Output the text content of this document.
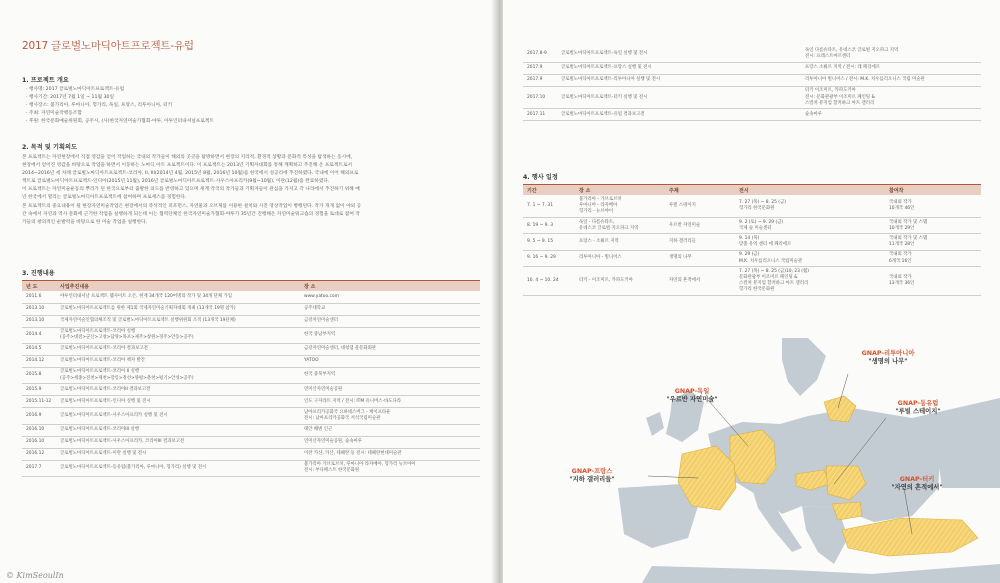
2017 글로벌노마딕아트프로젝트-유럽
1. 프로젝트 개요
· 행사명: 2017 글로벌노마딕아트프로젝트-유럽
· 행사기간: 2017년 7월 1일 ~ 11월 30일
· 행사장소: 불가리아, 루마니아, 헝가리, 독일, 프랑스, 리투아니아, 터키
· 주최: 자연미술작행동조합
· 후원: 한국문화예술위원회, 공주시, (사)한국자연미술가협회-야투, 아투인터내셔널프로젝트
2. 목적 및 기획의도
본 프로젝트는 자연현장에서 직접 영감을 얻어 작업하는 국내외 작가들이 해외의 곳곳을 탐방하면서 현장의 지리적, 환경적 상황과 문화적 특성을 탐색하는 동시에,
현장에서 얻어진 영감을 바탕으로 작업을 하면서 이동하는 노마딕 아트 프로젝트이다. 이 프로젝트는 2013년 기획자대회를 통해 계획하고 추진해 온 프로젝트로서
2014~2016년 세 차례 글로벌노마딕아트프로젝트-코리아, II, III(2014년 4월, 2015년 8월, 2016년 10월)를 한국에서 성공리에 추진하였다. 국내에 이어 해외프로
젝트로 글로벌노마딕아트프로젝트-인디아(2015년 11월), 2016년 글로벌노마딕아트프로젝트-사우스아프리카(9월~10월), 이란(12월)를 완료하였다.
이 프로젝트는 자연미술운동의 뿌리가 된 한국으로부터 출발한 의도를 반영하고 있으며 세계 각국의 작가들과 기획자들이 관심을 가지고 각 나라에서 추진하기 위해 매
년 한국에서 열리는 글로벌노마딕아트프로젝트에 참여하며 프로세스를 경험한다.
본 프로젝트의 중요내용이 될 현장자연미술작업은 현장에서의 즉석적인 퍼포먼스, 자연물과 오브제를 이용한 설치와 사진 영상작업이 병행된다. 작가 개개 없이 야외 공
간 속에서 자연과 역사 문화에 근거한 작업을 실행하게 되는데 이는 협력단체인 한국자연미술가협회-야투가 35년간 진행해온 자연미술워크숍의 경험을 토대로 참여 작
가들의 창의적인 순발력을 바탕으로 한 미술 작업을 실행한다.
3. 진행내용
년 도	사업추진내용	장 소
2011.6	야투인터내셔날 프로젝트 웹사이트 오픈, 현재 34개국 120여명의 작가 및 34개 단체 가입	www.yatoo.com

2013.10	글로벌노마딕아트프로젝트를 위한 제1회 국제자연미술기획자대회 개최 (13개국 19명 참가)	공주대학교

2013.10	국제자연미술인협의체조직 및 글로벌노마딕아트프로젝트 실행위원회 조직 (13개국 19단체)	금강자연미술센터

2014.4	글로벌노마딕아트프로젝트-코리아 실행
(공주>대전>군산>고창>담양>목포>제주>창원>경주>안동>공주)	한국 중남부지역

2014.5	글로벌노마딕아트프로젝트-코리아 결과보고전	금강자연미술센터, 대청댐 물문화회관

2014.12	글로벌노마딕아트프로젝트-코리아 책자 발간	YATOO

2015.8	글로벌노마딕아트프로젝트-코리아 II 실행
(공주>세종>진천>제천>강릉>정선>양평>춘천>평기>안성>공주)	한국 중북부지역

2015.9	글로벌노마딕아트프로젝트-코리아II 결과보고전	연미산자연미술공원

2015.11-12	글로벌노마딕아트프로젝트-인디아 실행 및 전시	인도 구자라트 지역 / 전시: ITM 유니버스-바도다라

2016.9	글로벌노마딕아트프로젝트-사우스아프리카 실행 및 전시	남아프리카공화국 요하네스버그 - 케이프타운
전시: 남아프리카공화국 서석국립미술관

2016.10	글로벌노마딕아트프로젝트-코리아III 실행	태안 해변 인근

2016.10	글로벌노마딕아트프로젝트-사우스아프리카, 코리아III 결과보고전	연미산자연미술공원, 숲속마루

2016.12	글로벌노마딕아트프로젝트-이란 실행 및 전시	이란 카샨, 카산, 테헤란 등 전시: 테헤란현대미술관

2017.7	글로벌노마딕아트프로젝트-동유럽(불가리아, 루마니아, 헝가리) 실행 및 전시	불가리아 가브로브치, 루마니아 라자베아, 헝가리 뉴브야이
전시: 부다페스트 한국문화원
© KimSeoulIn
2017.8-9	글로벌노마딕아트프로젝트-독일 실행 및 전시	독일 다름슈타트, 유네스코 글로벌 지오파크 지역
전시: 프레스트마르센터

2017.9	글로벌노마딕아트프로젝트-프랑스 실행 및 전시	프랑스 소뤄르 지역 / 전시: 레 페리에르

2017.9	글로벌노마딕아트프로젝트-리투아니아 실행 및 전시	리투아니아 빌니어스 / 전시: M.K. 치우를리오니스 국립 미술관

2017.10	글로벌노마딕아트프로젝트-터키 실행 및 전시	터키 이조미르, 카파도키아
전시: 문화관광부 이조미르 페인팅 &
스컬쳐 뮤지엄 할켜하크 아트 갤러리

2017.11	글로벌노마딕아트프로젝트-유럽 결과보고전	숲속마루
4. 행사 일정
기간	장 소	주제	전시	참여작
7. 1 ~ 7. 31	불가리아 - 가브로브치
루마니아 - 라자베아
헝가리 - 뉴브야이	루빌 스테이지	7. 27 (목) ~ 8. 25 (금)
헝가리 한국문화원	국내외 작가
10개국 46인

8. 19 ~ 9. 3	독일 - 다름슈타트,
유네스코 글로벌 지오파크 지역	우르반 자연미술	9. 2 (토) ~ 9. 29 (금)
국제 숲 미술센터	국내외 작가 및 스탭
10개국 29인

9. 5 ~ 9. 15	프랑스 - 소뤄르 지역	지하 갤러리들	9. 14 (목)
맞춤 유역 센터 에 페리에르	국내외 작가 및 스탭
11개국 28인

9. 16 ~ 9. 29	리투아니아 - 빌니어스	생명의 나무	9. 29 (금)
M.K. 치우를리오니스 국립미술관	국내외 작가
6개국 16인

10. 4 ~ 10. 24	터키 - 이조미르, 카파도키아	자연의 흔적에서	7. 27 (목) ~ 8. 25 (금)10, 23 (월)
문화관광부 이조미르 페인팅 &
스컬쳐 뮤지엄 할켜하크 아트 갤러리
헝가리 한국문화원	국내외 작가
13개국 36인
GNAP-리투아니아
"생명의 나무"
GNAP-독일
"우르반 자연미술"
GNAP-동유럽
"루빌 스테이지"
GNAP-프랑스
"지하 갤러리들"	GNAP-터키
"자연의 흔적에서"
